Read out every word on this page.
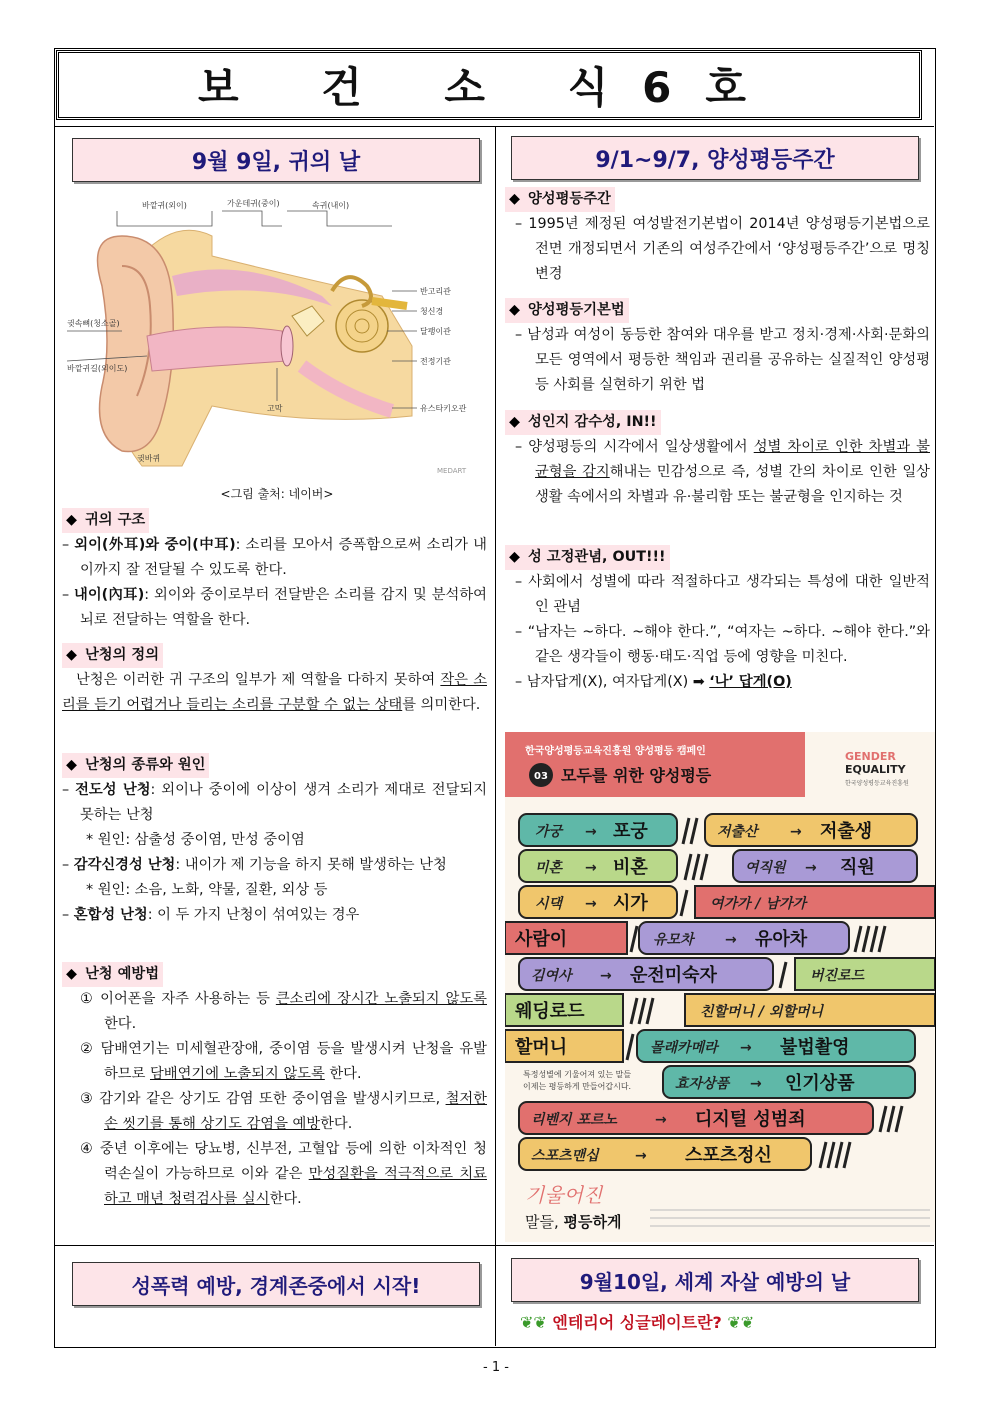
보 건 소 식6호
9월 9일, 귀의 날
바깥귀(외이)	가운데귀(중이)	속귀(내이)
반고리관
청신경
달팽이관
전정기관
유스타키오관
고막
귓바퀴
귓속뼈(청소골)
바깥귀길(외이도)
MEDART
<그림 출처: 네이버>
◆ 귀의 구조
– 외이(外耳)와 중이(中耳): 소리를 모아서 증폭함으로써 소리가 내이까지 잘 전달될 수 있도록 한다.
– 내이(內耳): 외이와 중이로부터 전달받은 소리를 감지 및 분석하여 뇌로 전달하는 역할을 한다.
◆ 난청의 정의
난청은 이러한 귀 구조의 일부가 제 역할을 다하지 못하여 작은 소리를 듣기 어렵거나 들리는 소리를 구분할 수 없는 상태를 의미한다.
◆ 난청의 종류와 원인
– 전도성 난청: 외이나 중이에 이상이 생겨 소리가 제대로 전달되지 못하는 난청
* 원인: 삼출성 중이염, 만성 중이염
– 감각신경성 난청: 내이가 제 기능을 하지 못해 발생하는 난청
* 원인: 소음, 노화, 약물, 질환, 외상 등
– 혼합성 난청: 이 두 가지 난청이 섞여있는 경우
◆ 난청 예방법
① 이어폰을 자주 사용하는 등 큰소리에 장시간 노출되지 않도록 한다.
② 담배연기는 미세혈관장애, 중이염 등을 발생시켜 난청을 유발하므로 담배연기에 노출되지 않도록 한다.
③ 감기와 같은 상기도 감염 또한 중이염을 발생시키므로, 철저한 손 씻기를 통해 상기도 감염을 예방한다.
④ 중년 이후에는 당뇨병, 신부전, 고혈압 등에 의한 이차적인 청력손실이 가능하므로 이와 같은 만성질환을 적극적으로 치료하고 매년 청력검사를 실시한다.
성폭력 예방, 경계존중에서 시작!
9/1~9/7, 양성평등주간
◆ 양성평등주간
– 1995년 제정된 여성발전기본법이 2014년 양성평등기본법으로 전면 개정되면서 기존의 여성주간에서 ‘양성평등주간’으로 명칭 변경
◆ 양성평등기본법
– 남성과 여성이 동등한 참여와 대우를 받고 정치·경제·사회·문화의 모든 영역에서 평등한 책임과 권리를 공유하는 실질적인 양성평등 사회를 실현하기 위한 법
◆ 성인지 감수성, IN!!
– 양성평등의 시각에서 일상생활에서 성별 차이로 인한 차별과 불균형을 감지해내는 민감성으로 즉, 성별 간의 차이로 인한 일상생활 속에서의 차별과 유·불리함 또는 불균형을 인지하는 것
◆ 성 고정관념, OUT!!!
– 사회에서 성별에 따라 적절하다고 생각되는 특성에 대한 일반적인 관념
– “남자는 ~하다. ~해야 한다.”, “여자는 ~하다. ~해야 한다.”와 같은 생각들이 행동·태도·직업 등에 영향을 미친다.
– 남자답게(X), 여자답게(X) ➡ ‘나’ 답게(O)
한국양성평등교육진흥원 양성평등 캠페인
03 모두를 위한 양성평등
GENDER
EQUALITY
한국양성평등교육진흥원
가궁 → 포궁	저출산 → 저출생
미혼 → 비혼	여직원 → 직원
시댁 → 시가	여가가 / 남가가
사람이	유모차 → 유아차
김여사 → 운전미숙자	버진로드
웨딩로드	친할머니 / 외할머니
할머니	몰래카메라 → 불법촬영
특정성별에 기울어져 있는 말들
이제는 평등하게 만들어갑시다.	효자상품 → 인기상품
리벤지 포르노	→ 디지털 성범죄
스포츠맨십	→ 스포츠정신
기울어진
말들, 평등하게
9월10일, 세계 자살 예방의 날
❦❦ 엔테리어 싱글레이트란? ❦❦
- 1 -
